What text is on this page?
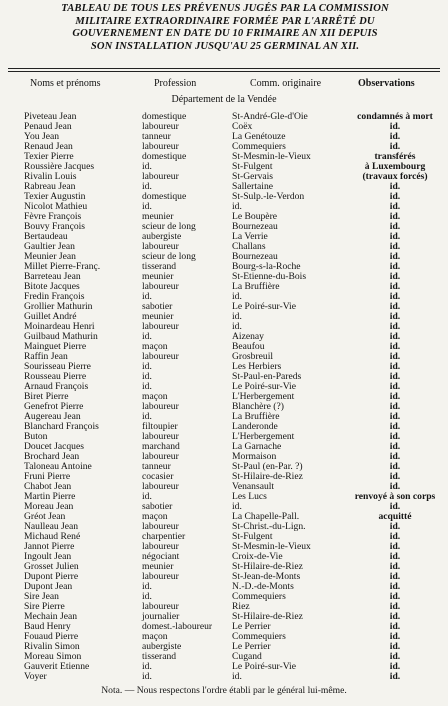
TABLEAU DE TOUS LES PRÉVENUS JUGÉS PAR LA COMMISSION
MILITAIRE EXTRAORDINAIRE FORMÉE PAR L'ARRÊTÉ DU
GOUVERNEMENT EN DATE DU 10 FRIMAIRE AN XII DEPUIS
SON INSTALLATION JUSQU'AU 25 GERMINAL AN XII.
Noms et prénoms	Profession	Comm. originaire	Observations
Département de la Vendée
Piveteau Jean	domestique	St-André-Gle-d'Oie	condamnés à mort
Penaud Jean	laboureur	Coëx	id.
You Jean	tanneur	La Genétouze	id.
Renaud Jean	laboureur	Commequiers	id.
Texier Pierre	domestique	St-Mesmin-le-Vieux	transférés
Roussière Jacques	id.	St-Fulgent	à Luxembourg
Rivalin Louis	laboureur	St-Gervais	(travaux forcés)
Rabreau Jean	id.	Sallertaine	id.
Texier Augustin	domestique	St-Sulp.-le-Verdon	id.
Nicolot Mathieu	id.	id.	id.
Fèvre François	meunier	Le Boupère	id.
Bouvy François	scieur de long	Bournezeau	id.
Bertaudeau	aubergiste	La Verrie	id.
Gaultier Jean	laboureur	Challans	id.
Meunier Jean	scieur de long	Bournezeau	id.
Millet Pierre-Franç.	tisserand	Bourg-s-la-Roche	id.
Barreteau Jean	meunier	St-Etienne-du-Bois	id.
Bitote Jacques	laboureur	La Bruffière	id.
Fredin François	id.	id.	id.
Grollier Mathurin	sabotier	Le Poiré-sur-Vie	id.
Guillet André	meunier	id.	id.
Moinardeau Henri	laboureur	id.	id.
Guilbaud Mathurin	id.	Aizenay	id.
Mainguet Pierre	maçon	Beaufou	id.
Raffin Jean	laboureur	Grosbreuil	id.
Sourisseau Pierre	id.	Les Herbiers	id.
Rousseau Pierre	id.	St-Paul-en-Pareds	id.
Arnaud François	id.	Le Poiré-sur-Vie	id.
Biret Pierre	maçon	L'Herbergement	id.
Genefrot Pierre	laboureur	Blanchère (?)	id.
Augereau Jean	id.	La Bruffière	id.
Blanchard François	filtoupier	Landeronde	id.
Buton	laboureur	L'Herbergement	id.
Doucet Jacques	marchand	La Garnache	id.
Brochard Jean	laboureur	Mormaison	id.
Taloneau Antoine	tanneur	St-Paul (en-Par. ?)	id.
Fruni Pierre	cocasier	St-Hilaire-de-Riez	id.
Chabot Jean	laboureur	Venansault	id.
Martin Pierre	id.	Les Lucs	renvoyé à son corps
Moreau Jean	sabotier	id.	id.
Gréot Jean	maçon	La Chapelle-Pall.	acquitté
Naulleau Jean	laboureur	St-Christ.-du-Lign.	id.
Michaud René	charpentier	St-Fulgent	id.
Jannot Pierre	laboureur	St-Mesmin-le-Vieux	id.
Ingoult Jean	négociant	Croix-de-Vie	id.
Grosset Julien	meunier	St-Hilaire-de-Riez	id.
Dupont Pierre	laboureur	St-Jean-de-Monts	id.
Dupont Jean	id.	N.-D.-de-Monts	id.
Sire Jean	id.	Commequiers	id.
Sire Pierre	laboureur	Riez	id.
Mechain Jean	journalier	St-Hilaire-de-Riez	id.
Baud Henry	domest.-laboureur Le Perrier	id.
Fouaud Pierre	maçon	Commequiers	id.
Rivalin Simon	aubergiste	Le Perrier	id.
Moreau Simon	tisserand	Cugand	id.
Gauverit Etienne	id.	Le Poiré-sur-Vie	id.
Voyer	id.	id.	id.
Nota. — Nous respectons l'ordre établi par le général lui-même.
